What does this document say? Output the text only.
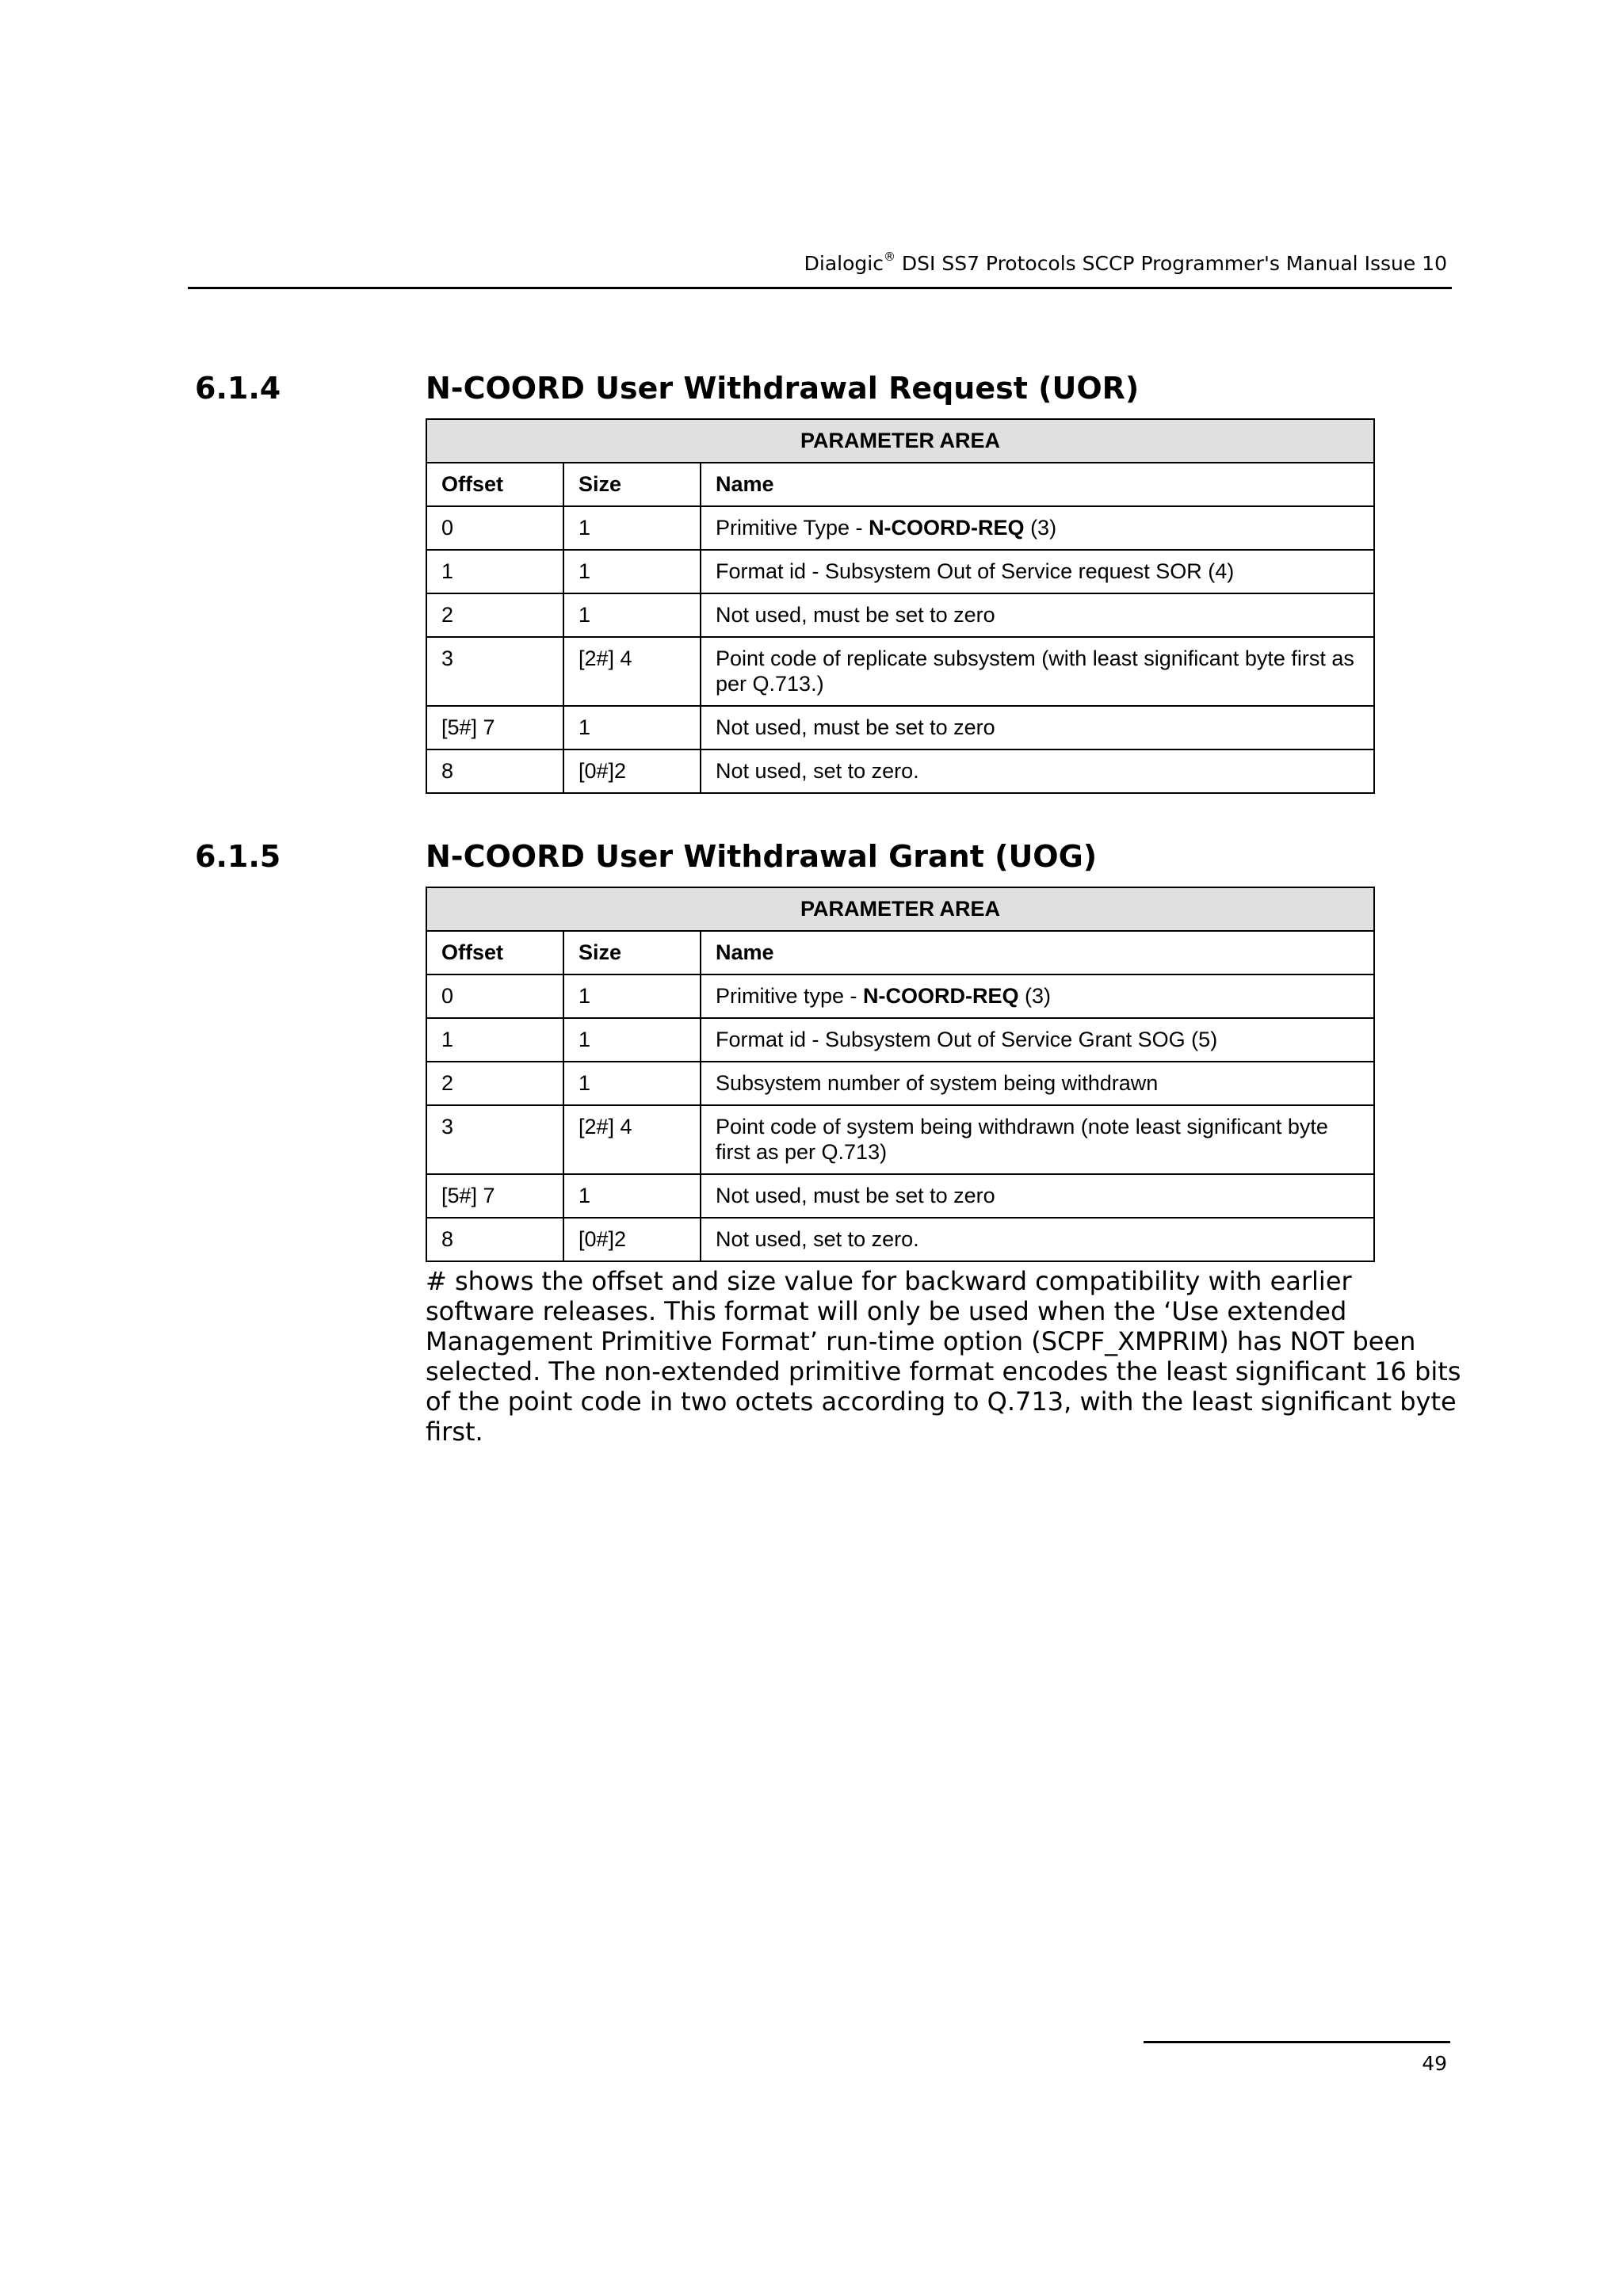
Dialogic® DSI SS7 Protocols SCCP Programmer's Manual Issue 10
6.1.4	N-COORD User Withdrawal Request (UOR)
PARAMETER AREA		
Offset	Size	Name
0	1	Primitive Type - N-COORD-REQ (3)
1	1	Format id - Subsystem Out of Service request SOR (4)
2	1	Not used, must be set to zero
3	[2#] 4	Point code of replicate subsystem (with least significant byte first as per Q.713.)
[5#] 7	1	Not used, must be set to zero
8	[0#]2	Not used, set to zero.
6.1.5	N-COORD User Withdrawal Grant (UOG)
PARAMETER AREA		
Offset	Size	Name
0	1	Primitive type - N-COORD-REQ (3)
1	1	Format id - Subsystem Out of Service Grant SOG (5)
2	1	Subsystem number of system being withdrawn
3	[2#] 4	Point code of system being withdrawn (note least significant byte first as per Q.713)
[5#] 7	1	Not used, must be set to zero
8	[0#]2	Not used, set to zero.
# shows the offset and size value for backward compatibility with earlier
software releases. This format will only be used when the ‘Use extended
Management Primitive Format’ run-time option (SCPF_XMPRIM) has NOT been
selected. The non-extended primitive format encodes the least significant 16 bits
of the point code in two octets according to Q.713, with the least significant byte
first.
49
